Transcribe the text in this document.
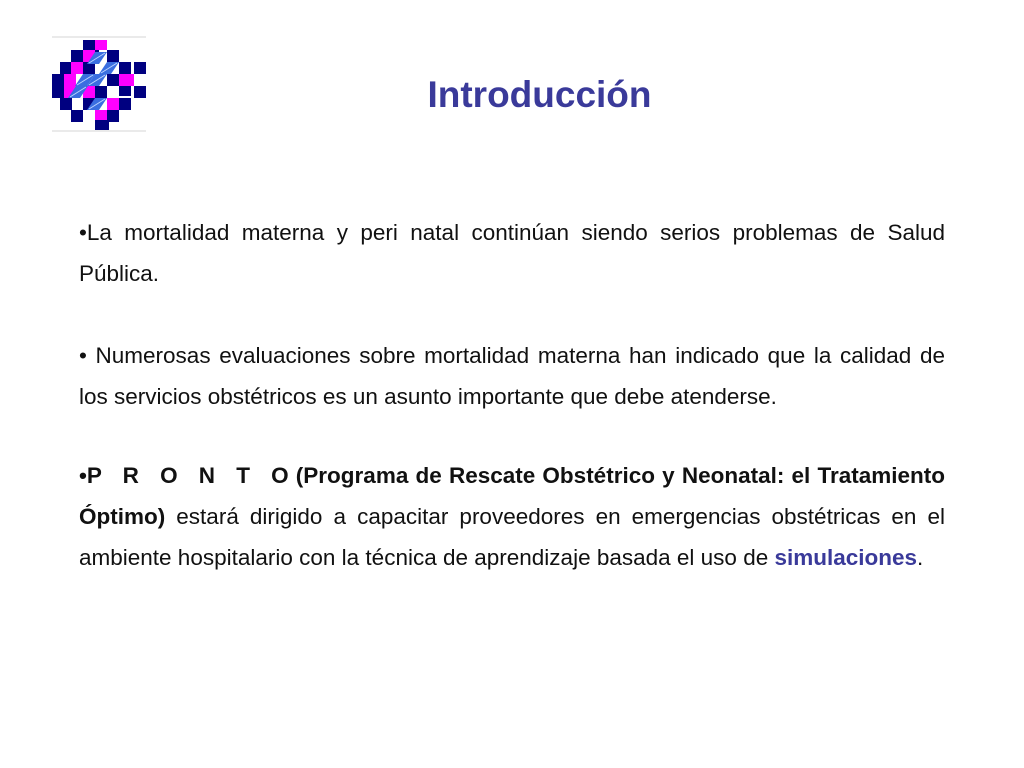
Introducción

•La mortalidad materna y peri natal continúan siendo serios problemas de Salud Pública.

• Numerosas evaluaciones sobre mortalidad materna han indicado que la calidad de los servicios obstétricos es un asunto importante que debe atenderse.

•P R O N T O (Programa de Rescate Obstétrico y Neonatal: el Tratamiento Óptimo) estará dirigido a capacitar proveedores en emergencias obstétricas en el ambiente hospitalario con la técnica de aprendizaje basada el uso de simulaciones.
